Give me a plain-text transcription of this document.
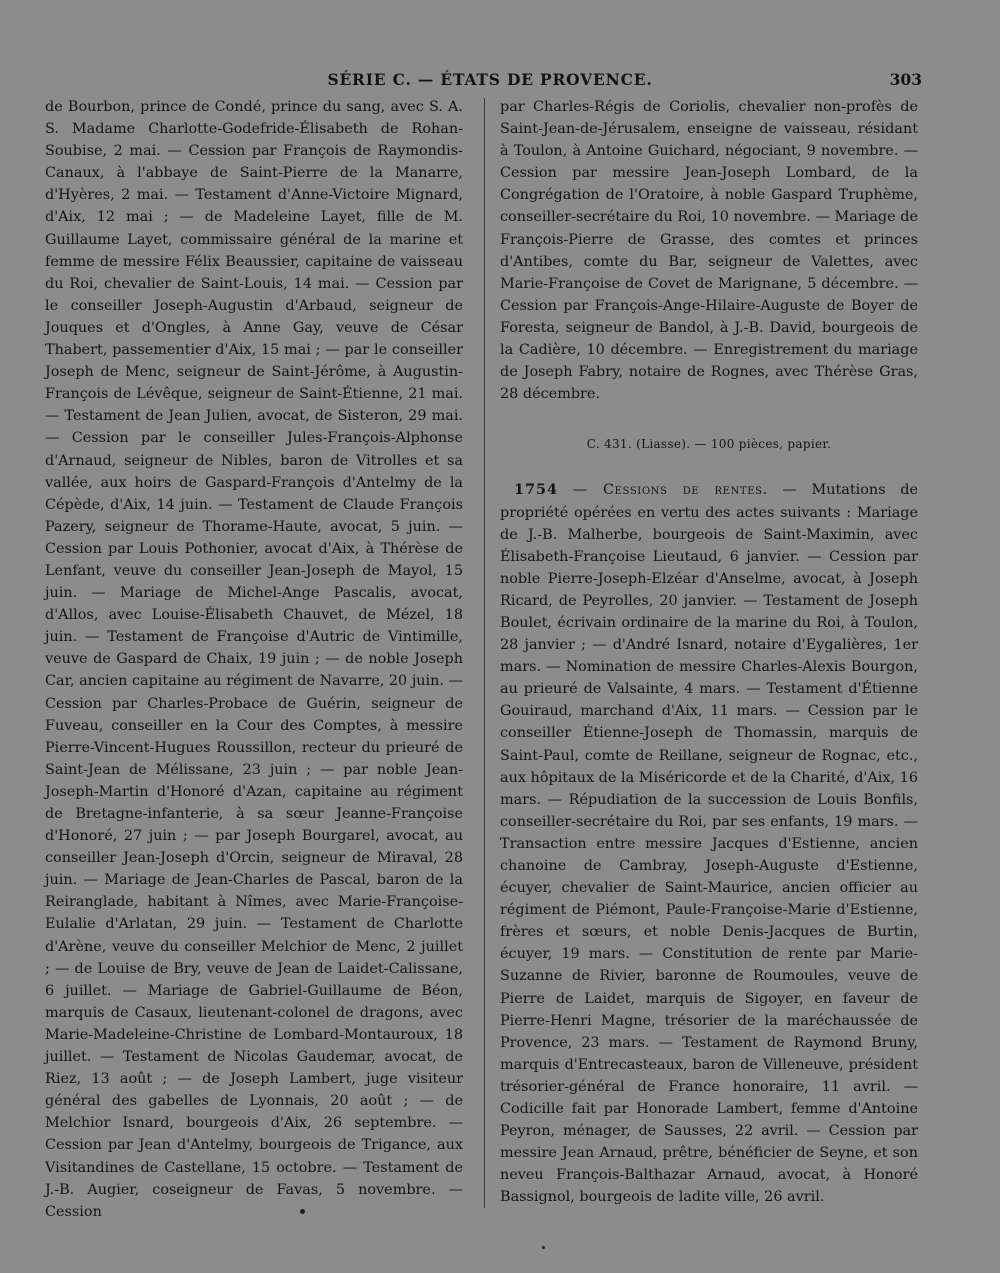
SÉRIE C. — ÉTATS DE PROVENCE.	303

de Bourbon, prince de Condé, prince du sang, avec S. A. S. Madame Charlotte-Godefride-Élisabeth de Rohan-Soubise, 2 mai. — Cession par François de Raymondis-Canaux, à l'abbaye de Saint-Pierre de la Manarre, d'Hyères, 2 mai. — Testament d'Anne-Victoire Mignard, d'Aix, 12 mai ; — de Madeleine Layet, fille de M. Guillaume Layet, commissaire général de la marine et femme de messire Félix Beaussier, capitaine de vaisseau du Roi, chevalier de Saint-Louis, 14 mai. — Cession par le conseiller Joseph-Augustin d'Arbaud, seigneur de Jouques et d'Ongles, à Anne Gay, veuve de César Thabert, passementier d'Aix, 15 mai ; — par le conseiller Joseph de Menc, seigneur de Saint-Jérôme, à Augustin-François de Lévêque, seigneur de Saint-Étienne, 21 mai. — Testament de Jean Julien, avocat, de Sisteron, 29 mai. — Cession par le conseiller Jules-François-Alphonse d'Arnaud, seigneur de Nibles, baron de Vitrolles et sa vallée, aux hoirs de Gaspard-François d'Antelmy de la Cépède, d'Aix, 14 juin. — Testament de Claude François Pazery, seigneur de Thorame-Haute, avocat, 5 juin. — Cession par Louis Pothonier, avocat d'Aix, à Thérèse de Lenfant, veuve du conseiller Jean-Joseph de Mayol, 15 juin. — Mariage de Michel-Ange Pascalis, avocat, d'Allos, avec Louise-Élisabeth Chauvet, de Mézel, 18 juin. — Testament de Françoise d'Autric de Vintimille, veuve de Gaspard de Chaix, 19 juin ; — de noble Joseph Car, ancien capitaine au régiment de Navarre, 20 juin. — Cession par Charles-Probace de Guérin, seigneur de Fuveau, conseiller en la Cour des Comptes, à messire Pierre-Vincent-Hugues Roussillon, recteur du prieuré de Saint-Jean de Mélissane, 23 juin ; — par noble Jean-Joseph-Martin d'Honoré d'Azan, capitaine au régiment de Bretagne-infanterie, à sa sœur Jeanne-Françoise d'Honoré, 27 juin ; — par Joseph Bourgarel, avocat, au conseiller Jean-Joseph d'Orcin, seigneur de Miraval, 28 juin. — Mariage de Jean-Charles de Pascal, baron de la Reiranglade, habitant à Nîmes, avec Marie-Françoise-Eulalie d'Arlatan, 29 juin. — Testament de Charlotte d'Arène, veuve du conseiller Melchior de Menc, 2 juillet ; — de Louise de Bry, veuve de Jean de Laidet-Calissane, 6 juillet. — Mariage de Gabriel-Guillaume de Béon, marquis de Casaux, lieutenant-colonel de dragons, avec Marie-Madeleine-Christine de Lombard-Montauroux, 18 juillet. — Testament de Nicolas Gaudemar, avocat, de Riez, 13 août ; — de Joseph Lambert, juge visiteur général des gabelles de Lyonnais, 20 août ; — de Melchior Isnard, bourgeois d'Aix, 26 septembre. — Cession par Jean d'Antelmy, bourgeois de Trigance, aux Visitandines de Castellane, 15 octobre. — Testament de J.-B. Augier, coseigneur de Favas, 5 novembre. — Cession

par Charles-Régis de Coriolis, chevalier non-profès de Saint-Jean-de-Jérusalem, enseigne de vaisseau, résidant à Toulon, à Antoine Guichard, négociant, 9 novembre. — Cession par messire Jean-Joseph Lombard, de la Congrégation de l'Oratoire, à noble Gaspard Truphème, conseiller-secrétaire du Roi, 10 novembre. — Mariage de François-Pierre de Grasse, des comtes et princes d'Antibes, comte du Bar, seigneur de Valettes, avec Marie-Françoise de Covet de Marignane, 5 décembre. — Cession par François-Ange-Hilaire-Auguste de Boyer de Foresta, seigneur de Bandol, à J.-B. David, bourgeois de la Cadière, 10 décembre. — Enregistrement du mariage de Joseph Fabry, notaire de Rognes, avec Thérèse Gras, 28 décembre.

C. 431. (Liasse). — 100 pièces, papier.

1754 — Cessions de rentes. — Mutations de propriété opérées en vertu des actes suivants : Mariage de J.-B. Malherbe, bourgeois de Saint-Maximin, avec Élisabeth-Françoise Lieutaud, 6 janvier. — Cession par noble Pierre-Joseph-Elzéar d'Anselme, avocat, à Joseph Ricard, de Peyrolles, 20 janvier. — Testament de Joseph Boulet, écrivain ordinaire de la marine du Roi, à Toulon, 28 janvier ; — d'André Isnard, notaire d'Eygalières, 1er mars. — Nomination de messire Charles-Alexis Bourgon, au prieuré de Valsainte, 4 mars. — Testament d'Étienne Gouiraud, marchand d'Aix, 11 mars. — Cession par le conseiller Étienne-Joseph de Thomassin, marquis de Saint-Paul, comte de Reillane, seigneur de Rognac, etc., aux hôpitaux de la Miséricorde et de la Charité, d'Aix, 16 mars. — Répudiation de la succession de Louis Bonfils, conseiller-secrétaire du Roi, par ses enfants, 19 mars. — Transaction entre messire Jacques d'Estienne, ancien chanoine de Cambray, Joseph-Auguste d'Estienne, écuyer, chevalier de Saint-Maurice, ancien officier au régiment de Piémont, Paule-Françoise-Marie d'Estienne, frères et sœurs, et noble Denis-Jacques de Burtin, écuyer, 19 mars. — Constitution de rente par Marie-Suzanne de Rivier, baronne de Roumoules, veuve de Pierre de Laidet, marquis de Sigoyer, en faveur de Pierre-Henri Magne, trésorier de la maréchaussée de Provence, 23 mars. — Testament de Raymond Bruny, marquis d'Entrecasteaux, baron de Villeneuve, président trésorier-général de France honoraire, 11 avril. — Codicille fait par Honorade Lambert, femme d'Antoine Peyron, ménager, de Sausses, 22 avril. — Cession par messire Jean Arnaud, prêtre, bénéficier de Seyne, et son neveu François-Balthazar Arnaud, avocat, à Honoré Bassignol, bourgeois de ladite ville, 26 avril.
